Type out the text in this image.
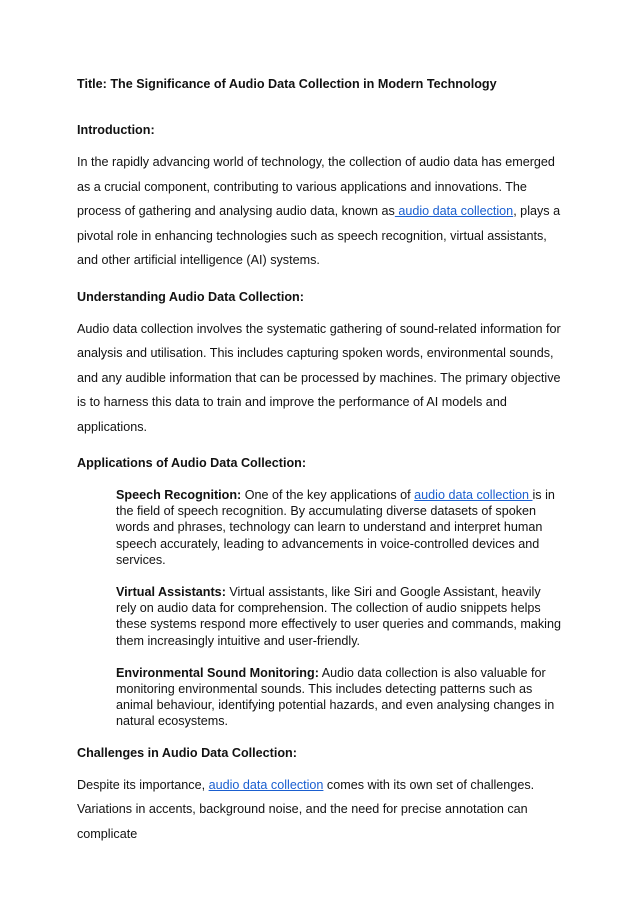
Title: The Significance of Audio Data Collection in Modern Technology

Introduction:

In the rapidly advancing world of technology, the collection of audio data has emerged as a crucial component, contributing to various applications and innovations. The process of gathering and analysing audio data, known as audio data collection, plays a pivotal role in enhancing technologies such as speech recognition, virtual assistants, and other artificial intelligence (AI) systems.

Understanding Audio Data Collection:

Audio data collection involves the systematic gathering of sound-related information for analysis and utilisation. This includes capturing spoken words, environmental sounds, and any audible information that can be processed by machines. The primary objective is to harness this data to train and improve the performance of AI models and applications.

Applications of Audio Data Collection:

Speech Recognition: One of the key applications of audio data collection is in the field of speech recognition. By accumulating diverse datasets of spoken words and phrases, technology can learn to understand and interpret human speech accurately, leading to advancements in voice-controlled devices and services.

Virtual Assistants: Virtual assistants, like Siri and Google Assistant, heavily rely on audio data for comprehension. The collection of audio snippets helps these systems respond more effectively to user queries and commands, making them increasingly intuitive and user-friendly.

Environmental Sound Monitoring: Audio data collection is also valuable for monitoring environmental sounds. This includes detecting patterns such as animal behaviour, identifying potential hazards, and even analysing changes in natural ecosystems.

Challenges in Audio Data Collection:

Despite its importance, audio data collection comes with its own set of challenges. Variations in accents, background noise, and the need for precise annotation can complicate
